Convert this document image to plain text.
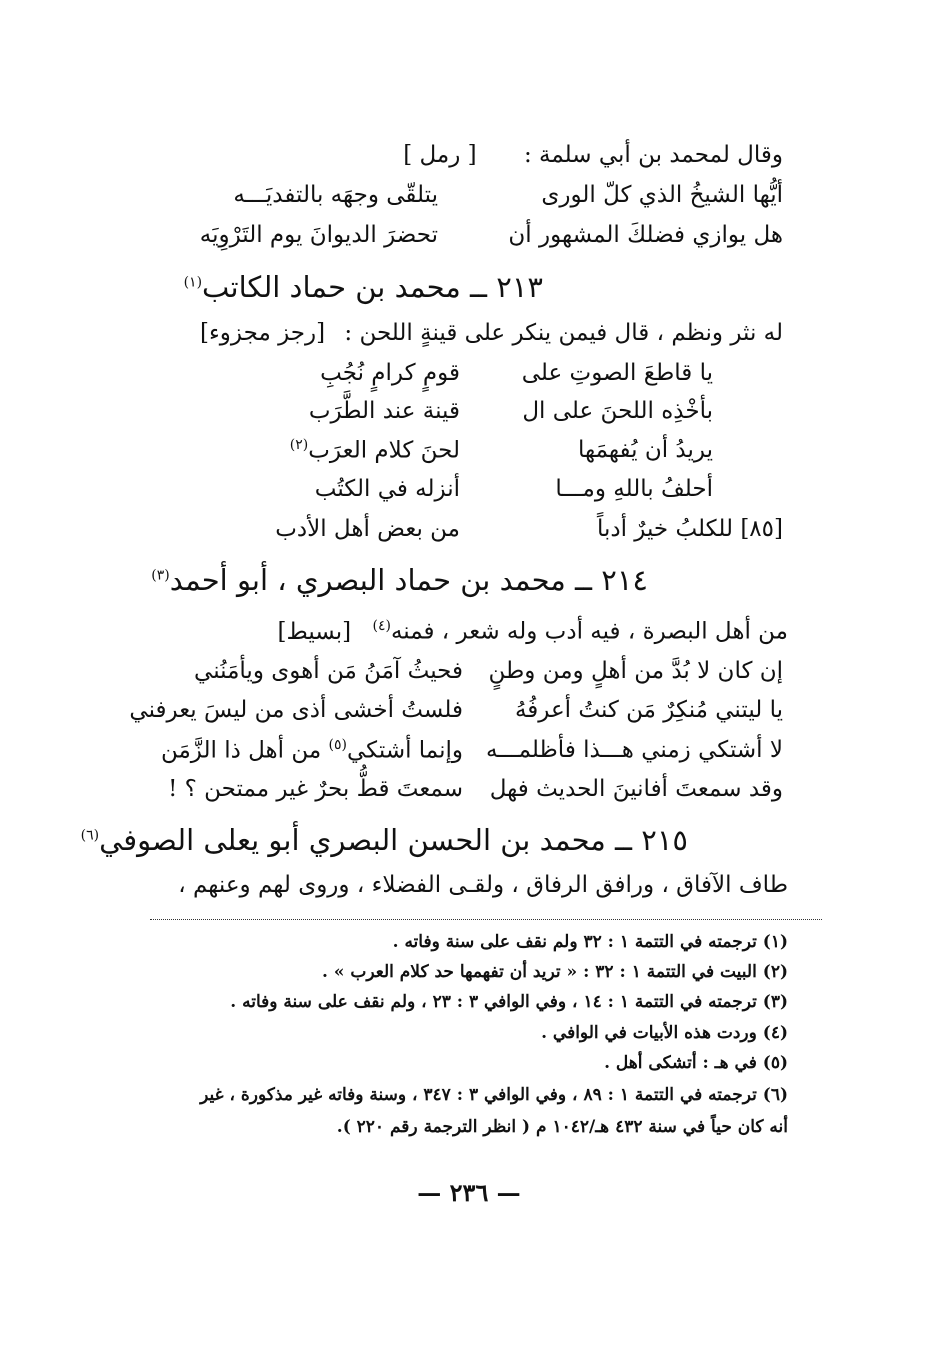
وقال لمحمد بن أبي سلمة : [ رمل ]
أيُّها الشيخُ الذي كلّ الورى
يتلقّى وجهَه بالتفديَـــه
هل يوازي فضلكَ المشهور أن
تحضرَ الديوانَ يوم التَرْوِيَه
٢١٣ ــ محمد بن حماد الكاتب$^{(١)}$
له نثر ونظم ، قال فيمن ينكر على قينةٍ اللحن : [رجز مجزوء]
يا قاطعَ الصوتِ على
قومٍ كرامٍ نُجُبِ
بأخْذِه اللحنَ على ال
قينة عند الطَّرَب
يريدُ أن يُفهمَها
لحنَ كلام العرَب$^{(٢)}$
أحلفُ باللهِ ومـــا
أنزله في الكتُب
[٨٥] للكلبُ خيرٌ أدباً
من بعض أهل الأدب
٢١٤ ــ محمد بن حماد البصري ، أبو أحمد$^{(٣)}$
من أهل البصرة ، فيه أدب وله شعر ، فمنه$^{(٤)}$ [بسيط]
إن كان لا بُدَّ من أهلٍ ومن وطنٍ
فحيثُ آمَنُ مَن أهوى ويأمَنُني
يا ليتني مُنكِرٌ مَن كنتُ أعرفُهُ
فلستُ أخشى أذى من ليسَ يعرفني
لا أشتكي زمني هـــذا فأظلمـــه
وإنما أشتكي$^{(٥)}$ من أهل ذا الزَّمَن
وقد سمعتَ أفانينَ الحديث فهل
سمعتَ قطُّ بحرٌ غير ممتحن ؟ !
٢١٥ ــ محمد بن الحسن البصري أبو يعلى الصوفي$^{(٦)}$
طاف الآفاق ، ورافق الرفاق ، ولقـى الفضلاء ، وروى لهم وعنهم ،
(١) ترجمته في التتمة ١ : ٣٢ ولم نقف على سنة وفاته .
(٢) البيت في التتمة ١ : ٣٢ : « تريد أن تفهمها حد كلام العرب » .
(٣) ترجمته في التتمة ١ : ١٤ ، وفي الوافي ٣ : ٢٣ ، ولم نقف على سنة وفاته .
(٤) وردت هذه الأبيات في الوافي .
(٥) في هـ : أتشكى أهل .
(٦) ترجمته في التتمة ١ : ٨٩ ، وفي الوافي ٣ : ٣٤٧ ، وسنة وفاته غير مذكورة ، غير
أنه كان حياً في سنة ٤٣٢ هـ/١٠٤٢ م ( انظر الترجمة رقم ٢٢٠ ).
— ٢٣٦ —
